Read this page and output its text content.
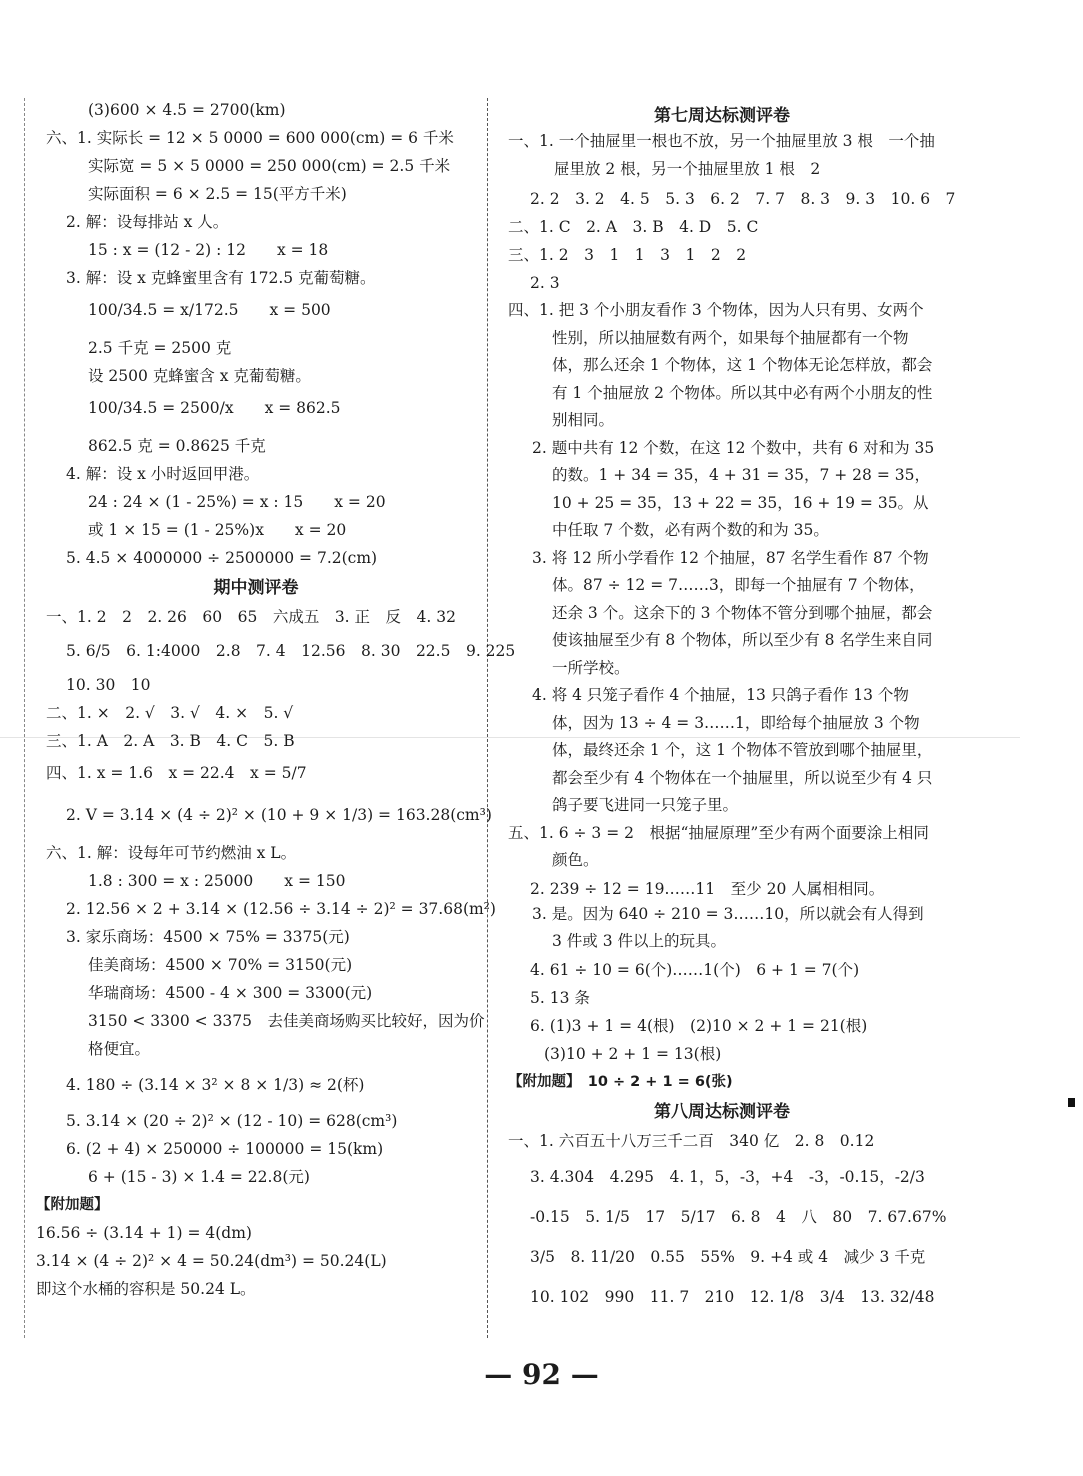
(3)600 × 4.5 = 2700(km)
六、1. 实际长 = 12 × 5 0000 = 600 000(cm) = 6 千米
实际宽 = 5 × 5 0000 = 250 000(cm) = 2.5 千米
实际面积 = 6 × 2.5 = 15(平方千米)
2. 解：设每排站 x 人。
15 : x = (12 - 2) : 12　　x = 18
3. 解：设 x 克蜂蜜里含有 172.5 克葡萄糖。
100/34.5 = x/172.5　　x = 500
2.5 千克 = 2500 克
设 2500 克蜂蜜含 x 克葡萄糖。
100/34.5 = 2500/x　　x = 862.5
862.5 克 = 0.8625 千克
4. 解：设 x 小时返回甲港。
24 : 24 × (1 - 25%) = x : 15　　x = 20
或 1 × 15 = (1 - 25%)x　　x = 20
5. 4.5 × 4000000 ÷ 2500000 = 7.2(cm)
期中测评卷
一、1. 2　2　2. 26　60　65　六成五　3. 正　反　4. 32
5. 6/5　6. 1:4000　2.8　7. 4　12.56　8. 30　22.5　9. 225
10. 30　10
二、1. ×　2. √　3. √　4. ×　5. √
三、1. A　2. A　3. B　4. C　5. B
四、1. x = 1.6　x = 22.4　x = 5/7
2. V = 3.14 × (4 ÷ 2)² × (10 + 9 × 1/3) = 163.28(cm³)
六、1. 解：设每年可节约燃油 x L。
1.8 : 300 = x : 25000　　x = 150
2. 12.56 × 2 + 3.14 × (12.56 ÷ 3.14 ÷ 2)² = 37.68(m²)
3. 家乐商场：4500 × 75% = 3375(元)
佳美商场：4500 × 70% = 3150(元)
华瑞商场：4500 - 4 × 300 = 3300(元)
3150 < 3300 < 3375　去佳美商场购买比较好，因为价
格便宜。
4. 180 ÷ (3.14 × 3² × 8 × 1/3) ≈ 2(杯)
5. 3.14 × (20 ÷ 2)² × (12 - 10) = 628(cm³)
6. (2 + 4) × 250000 ÷ 100000 = 15(km)
6 + (15 - 3) × 1.4 = 22.8(元)
【附加题】
16.56 ÷ (3.14 + 1) = 4(dm)
3.14 × (4 ÷ 2)² × 4 = 50.24(dm³) = 50.24(L)
即这个水桶的容积是 50.24 L。
第七周达标测评卷
一、1. 一个抽屉里一根也不放，另一个抽屉里放 3 根　一个抽屉里放 2 根，另一个抽屉里放 1 根　2
2. 2　3. 2　4. 5　5. 3　6. 2　7. 7　8. 3　9. 3　10. 6　7
二、1. C　2. A　3. B　4. D　5. C
三、1. 2　3　1　1　3　1　2　2
2. 3
四、1. 把 3 个小朋友看作 3 个物体，因为人只有男、女两个性别，所以抽屉数有两个，如果每个抽屉都有一个物体，那么还余 1 个物体，这 1 个物体无论怎样放，都会有 1 个抽屉放 2 个物体。所以其中必有两个小朋友的性别相同。
2. 题中共有 12 个数，在这 12 个数中，共有 6 对和为 35 的数。1 + 34 = 35，4 + 31 = 35，7 + 28 = 35，10 + 25 = 35，13 + 22 = 35，16 + 19 = 35。从中任取 7 个数，必有两个数的和为 35。
3. 将 12 所小学看作 12 个抽屉，87 名学生看作 87 个物体。87 ÷ 12 = 7……3，即每一个抽屉有 7 个物体，还余 3 个。这余下的 3 个物体不管分到哪个抽屉，都会使该抽屉至少有 8 个物体，所以至少有 8 名学生来自同一所学校。
4. 将 4 只笼子看作 4 个抽屉，13 只鸽子看作 13 个物体，因为 13 ÷ 4 = 3……1，即给每个抽屉放 3 个物体，最终还余 1 个，这 1 个物体不管放到哪个抽屉里，都会至少有 4 个物体在一个抽屉里，所以说至少有 4 只鸽子要飞进同一只笼子里。
五、1. 6 ÷ 3 = 2　根据“抽屉原理”至少有两个面要涂上相同颜色。
2. 239 ÷ 12 = 19……11　至少 20 人属相相同。
3. 是。因为 640 ÷ 210 = 3……10，所以就会有人得到 3 件或 3 件以上的玩具。
4. 61 ÷ 10 = 6(个)……1(个)　6 + 1 = 7(个)
5. 13 条
6. (1)3 + 1 = 4(根)　(2)10 × 2 + 1 = 21(根)
(3)10 + 2 + 1 = 13(根)
【附加题】　10 ÷ 2 + 1 = 6(张)
第八周达标测评卷
一、1. 六百五十八万三千二百　340 亿　2. 8　0.12
3. 4.304　4.295　4. 1，5，-3，+4　-3，-0.15，-2/3
-0.15　5. 1/5　17　5/17　6. 8　4　八　80　7. 67.67%
3/5　8. 11/20　0.55　55%　9. +4 或 4　减少 3 千克
10. 102　990　11. 7　210　12. 1/8　3/4　13. 32/48
— 92 —
